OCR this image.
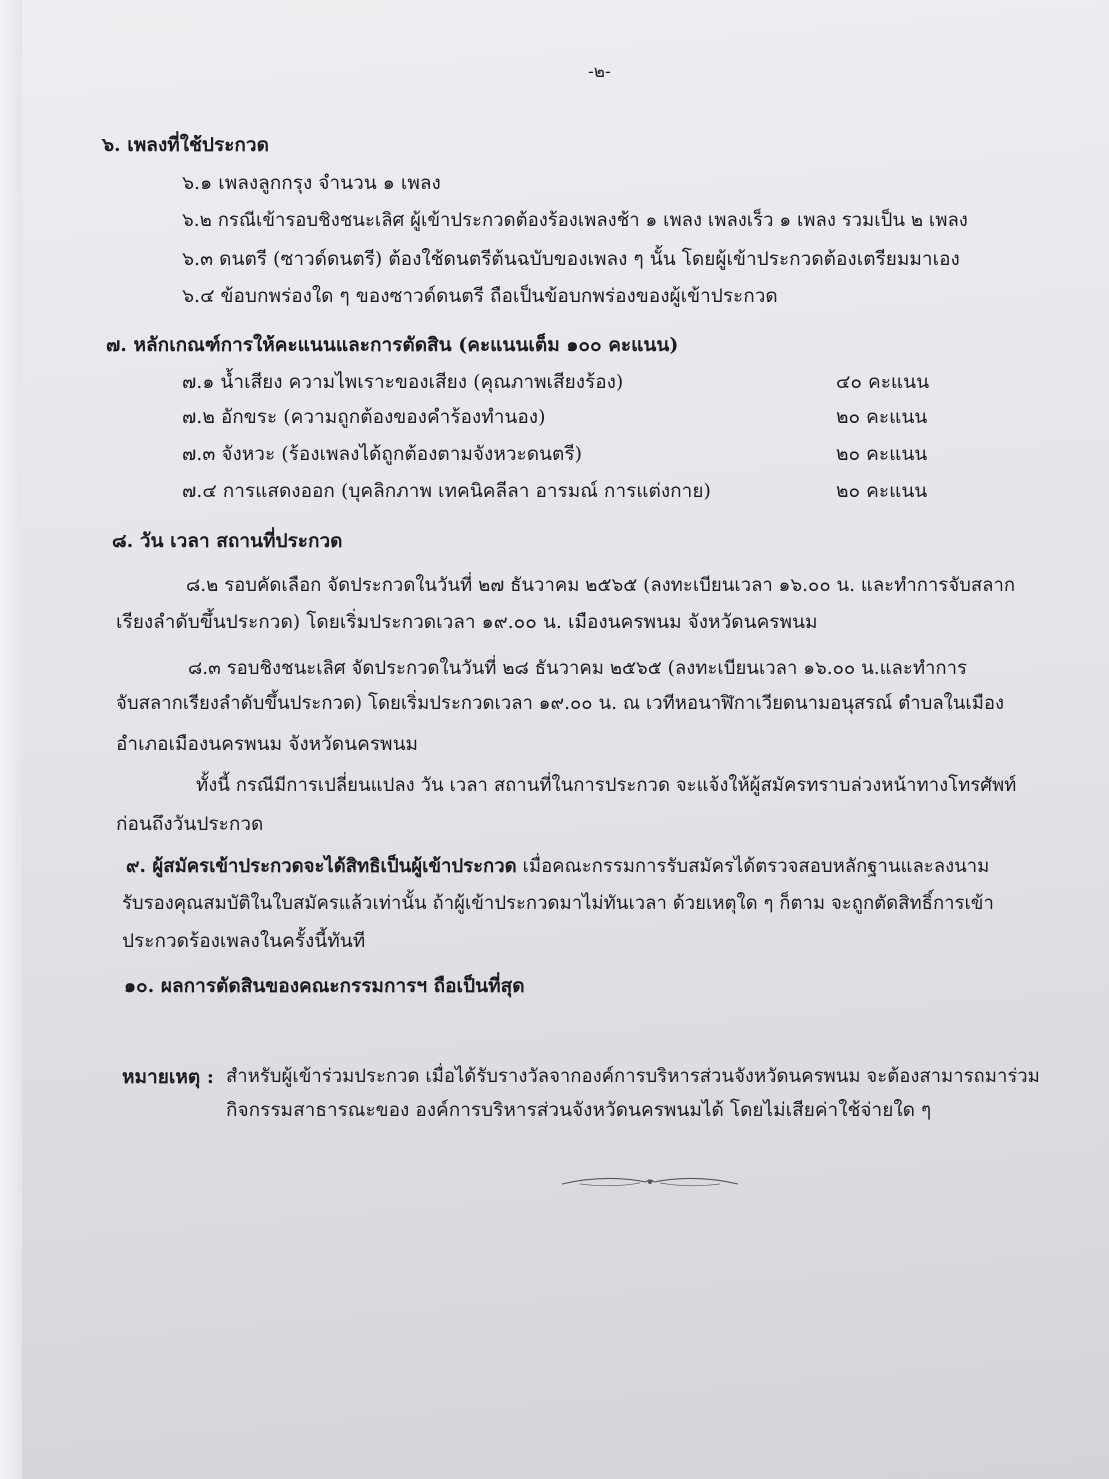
-๒-
๖. เพลงที่ใช้ประกวด
๖.๑ เพลงลูกกรุง จำนวน ๑ เพลง
๖.๒ กรณีเข้ารอบชิงชนะเลิศ ผู้เข้าประกวดต้องร้องเพลงช้า ๑ เพลง เพลงเร็ว ๑ เพลง รวมเป็น ๒ เพลง
๖.๓ ดนตรี (ซาวด์ดนตรี) ต้องใช้ดนตรีต้นฉบับของเพลง ๆ นั้น โดยผู้เข้าประกวดต้องเตรียมมาเอง
๖.๔ ข้อบกพร่องใด ๆ ของซาวด์ดนตรี ถือเป็นข้อบกพร่องของผู้เข้าประกวด
๗. หลักเกณฑ์การให้คะแนนและการตัดสิน (คะแนนเต็ม ๑๐๐ คะแนน)
๗.๑ น้ำเสียง ความไพเราะของเสียง (คุณภาพเสียงร้อง)	๔๐ คะแนน
๗.๒ อักขระ (ความถูกต้องของคำร้องทำนอง)	๒๐ คะแนน
๗.๓ จังหวะ (ร้องเพลงได้ถูกต้องตามจังหวะดนตรี)	๒๐ คะแนน
๗.๔ การแสดงออก (บุคลิกภาพ เทคนิคลีลา อารมณ์ การแต่งกาย)	๒๐ คะแนน
๘. วัน เวลา สถานที่ประกวด
๘.๒ รอบคัดเลือก จัดประกวดในวันที่ ๒๗ ธันวาคม ๒๕๖๕ (ลงทะเบียนเวลา ๑๖.๐๐ น. และทำการจับสลาก
เรียงลำดับขึ้นประกวด) โดยเริ่มประกวดเวลา ๑๙.๐๐ น. เมืองนครพนม จังหวัดนครพนม
๘.๓ รอบชิงชนะเลิศ จัดประกวดในวันที่ ๒๘ ธันวาคม ๒๕๖๕ (ลงทะเบียนเวลา ๑๖.๐๐ น.และทำการ
จับสลากเรียงลำดับขึ้นประกวด) โดยเริ่มประกวดเวลา ๑๙.๐๐ น. ณ เวทีหอนาฬิกาเวียดนามอนุสรณ์ ตำบลในเมือง
อำเภอเมืองนครพนม จังหวัดนครพนม
ทั้งนี้ กรณีมีการเปลี่ยนแปลง วัน เวลา สถานที่ในการประกวด จะแจ้งให้ผู้สมัครทราบล่วงหน้าทางโทรศัพท์
ก่อนถึงวันประกวด
๙. ผู้สมัครเข้าประกวดจะได้สิทธิเป็นผู้เข้าประกวด เมื่อคณะกรรมการรับสมัครได้ตรวจสอบหลักฐานและลงนาม
รับรองคุณสมบัติในใบสมัครแล้วเท่านั้น ถ้าผู้เข้าประกวดมาไม่ทันเวลา ด้วยเหตุใด ๆ ก็ตาม จะถูกตัดสิทธิ์การเข้า
ประกวดร้องเพลงในครั้งนี้ทันที
๑๐. ผลการตัดสินของคณะกรรมการฯ ถือเป็นที่สุด
หมายเหตุ : สำหรับผู้เข้าร่วมประกวด เมื่อได้รับรางวัลจากองค์การบริหารส่วนจังหวัดนครพนม จะต้องสามารถมาร่วม
กิจกรรมสาธารณะของ องค์การบริหารส่วนจังหวัดนครพนมได้ โดยไม่เสียค่าใช้จ่ายใด ๆ
